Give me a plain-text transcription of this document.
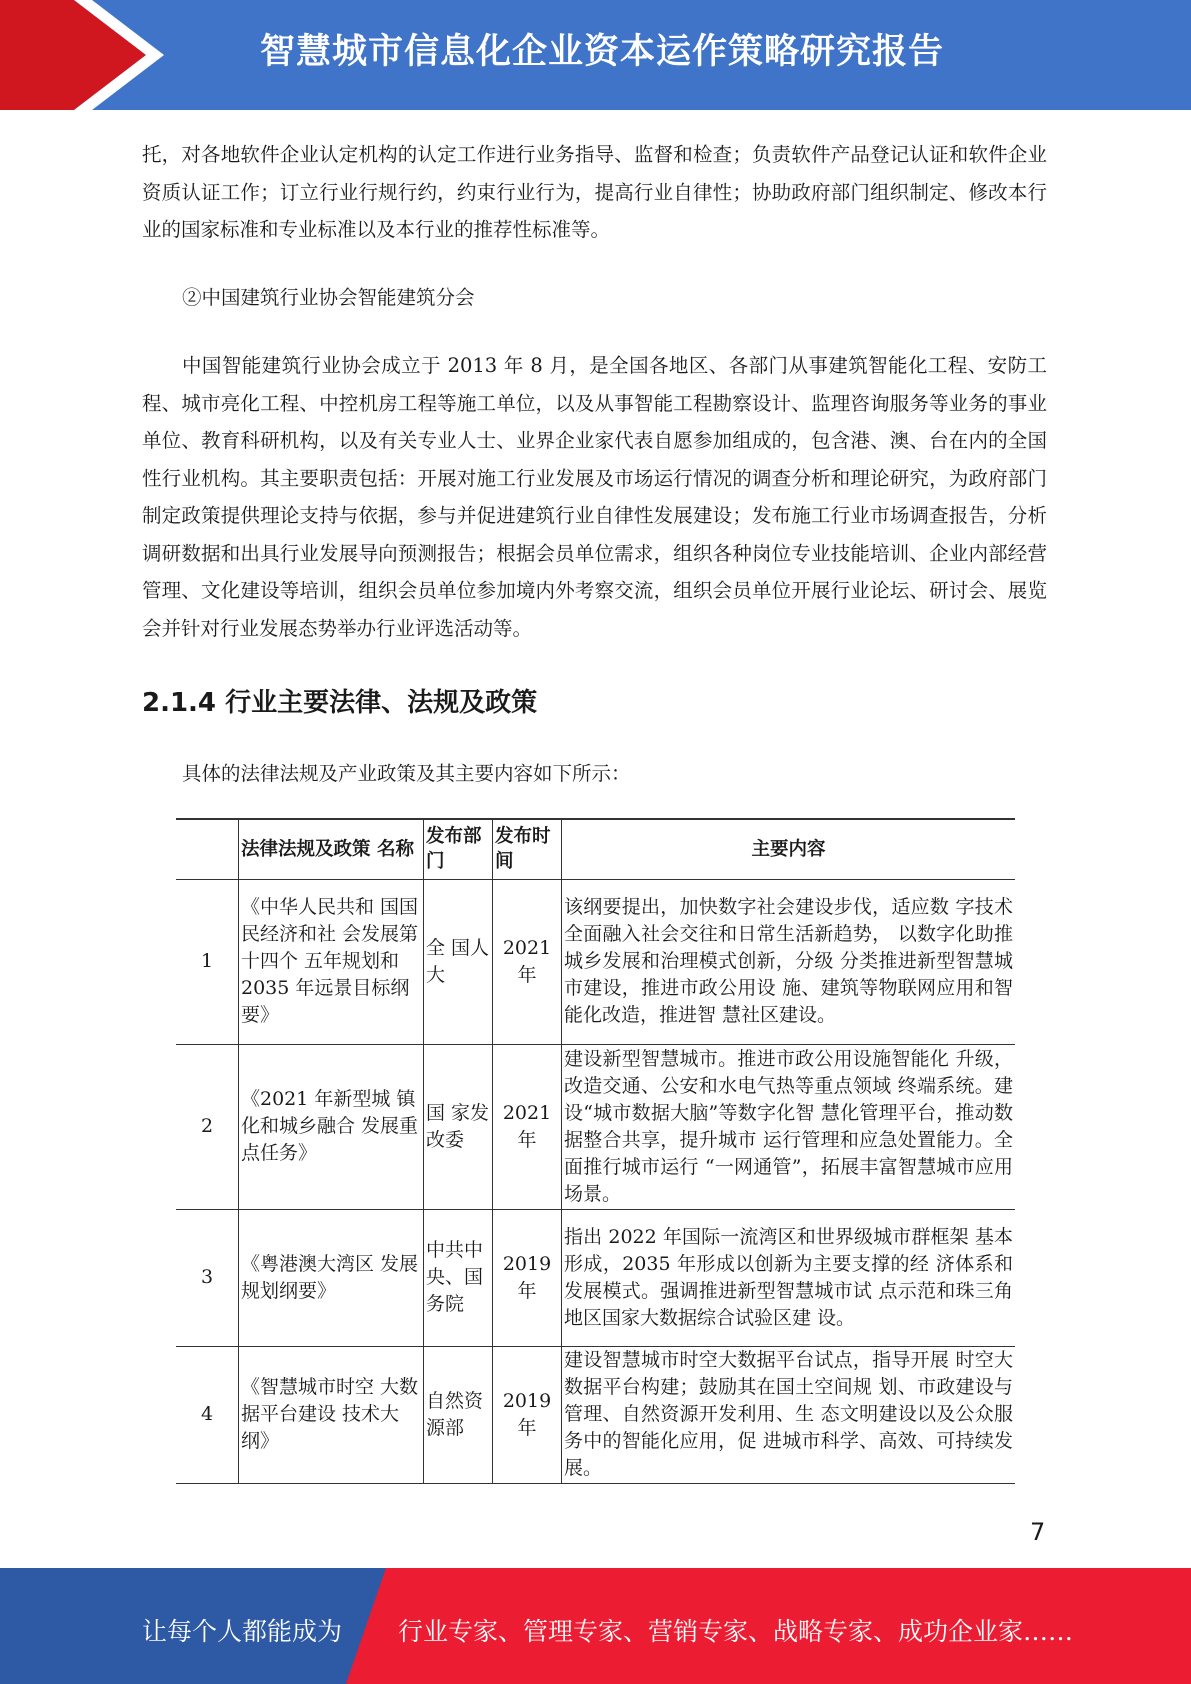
智慧城市信息化企业资本运作策略研究报告

托，对各地软件企业认定机构的认定工作进行业务指导、监督和检查；负责软件产品登记认证和软件企业资质认证工作；订立行业行规行约，约束行业行为，提高行业自律性；协助政府部门组织制定、修改本行业的国家标准和专业标准以及本行业的推荐性标准等。

②中国建筑行业协会智能建筑分会

中国智能建筑行业协会成立于 2013 年 8 月，是全国各地区、各部门从事建筑智能化工程、安防工程、城市亮化工程、中控机房工程等施工单位，以及从事智能工程勘察设计、监理咨询服务等业务的事业单位、教育科研机构，以及有关专业人士、业界企业家代表自愿参加组成的，包含港、澳、台在内的全国性行业机构。其主要职责包括：开展对施工行业发展及市场运行情况的调查分析和理论研究，为政府部门制定政策提供理论支持与依据，参与并促进建筑行业自律性发展建设；发布施工行业市场调查报告，分析调研数据和出具行业发展导向预测报告；根据会员单位需求，组织各种岗位专业技能培训、企业内部经营管理、文化建设等培训，组织会员单位参加境内外考察交流，组织会员单位开展行业论坛、研讨会、展览会并针对行业发展态势举办行业评选活动等。

2.1.4 行业主要法律、法规及政策

具体的法律法规及产业政策及其主要内容如下所示：

	法律法规及政策 名称	发布部门	发布时间	主要内容
1	《中华人民共和 国国民经济和社 会发展第十四个 五年规划和 2035 年远景目标纲 要》	全 国人大	2021年	该纲要提出，加快数字社会建设步伐，适应数 字技术全面融入社会交往和日常生活新趋势， 以数字化助推城乡发展和治理模式创新，分级 分类推进新型智慧城市建设，推进市政公用设 施、建筑等物联网应用和智能化改造，推进智 慧社区建设。
2	《2021 年新型城 镇化和城乡融合 发展重点任务》	国 家发 改委	2021年	建设新型智慧城市。推进市政公用设施智能化 升级，改造交通、公安和水电气热等重点领域 终端系统。建设“城市数据大脑”等数字化智 慧化管理平台，推动数据整合共享，提升城市 运行管理和应急处置能力。全面推行城市运行 “一网通管”，拓展丰富智慧城市应用场景。
3	《粤港澳大湾区 发展规划纲要》	中共中央、国务院	2019年	指出 2022 年国际一流湾区和世界级城市群框架 基本形成，2035 年形成以创新为主要支撑的经 济体系和发展模式。强调推进新型智慧城市试 点示范和珠三角地区国家大数据综合试验区建 设。
4	《智慧城市时空 大数据平台建设 技术大纲》	自然资源部	2019年	建设智慧城市时空大数据平台试点，指导开展 时空大数据平台构建；鼓励其在国土空间规 划、市政建设与管理、自然资源开发利用、生 态文明建设以及公众服务中的智能化应用，促 进城市科学、高效、可持续发展。
7
让每个人都能成为 行业专家、管理专家、营销专家、战略专家、成功企业家……
